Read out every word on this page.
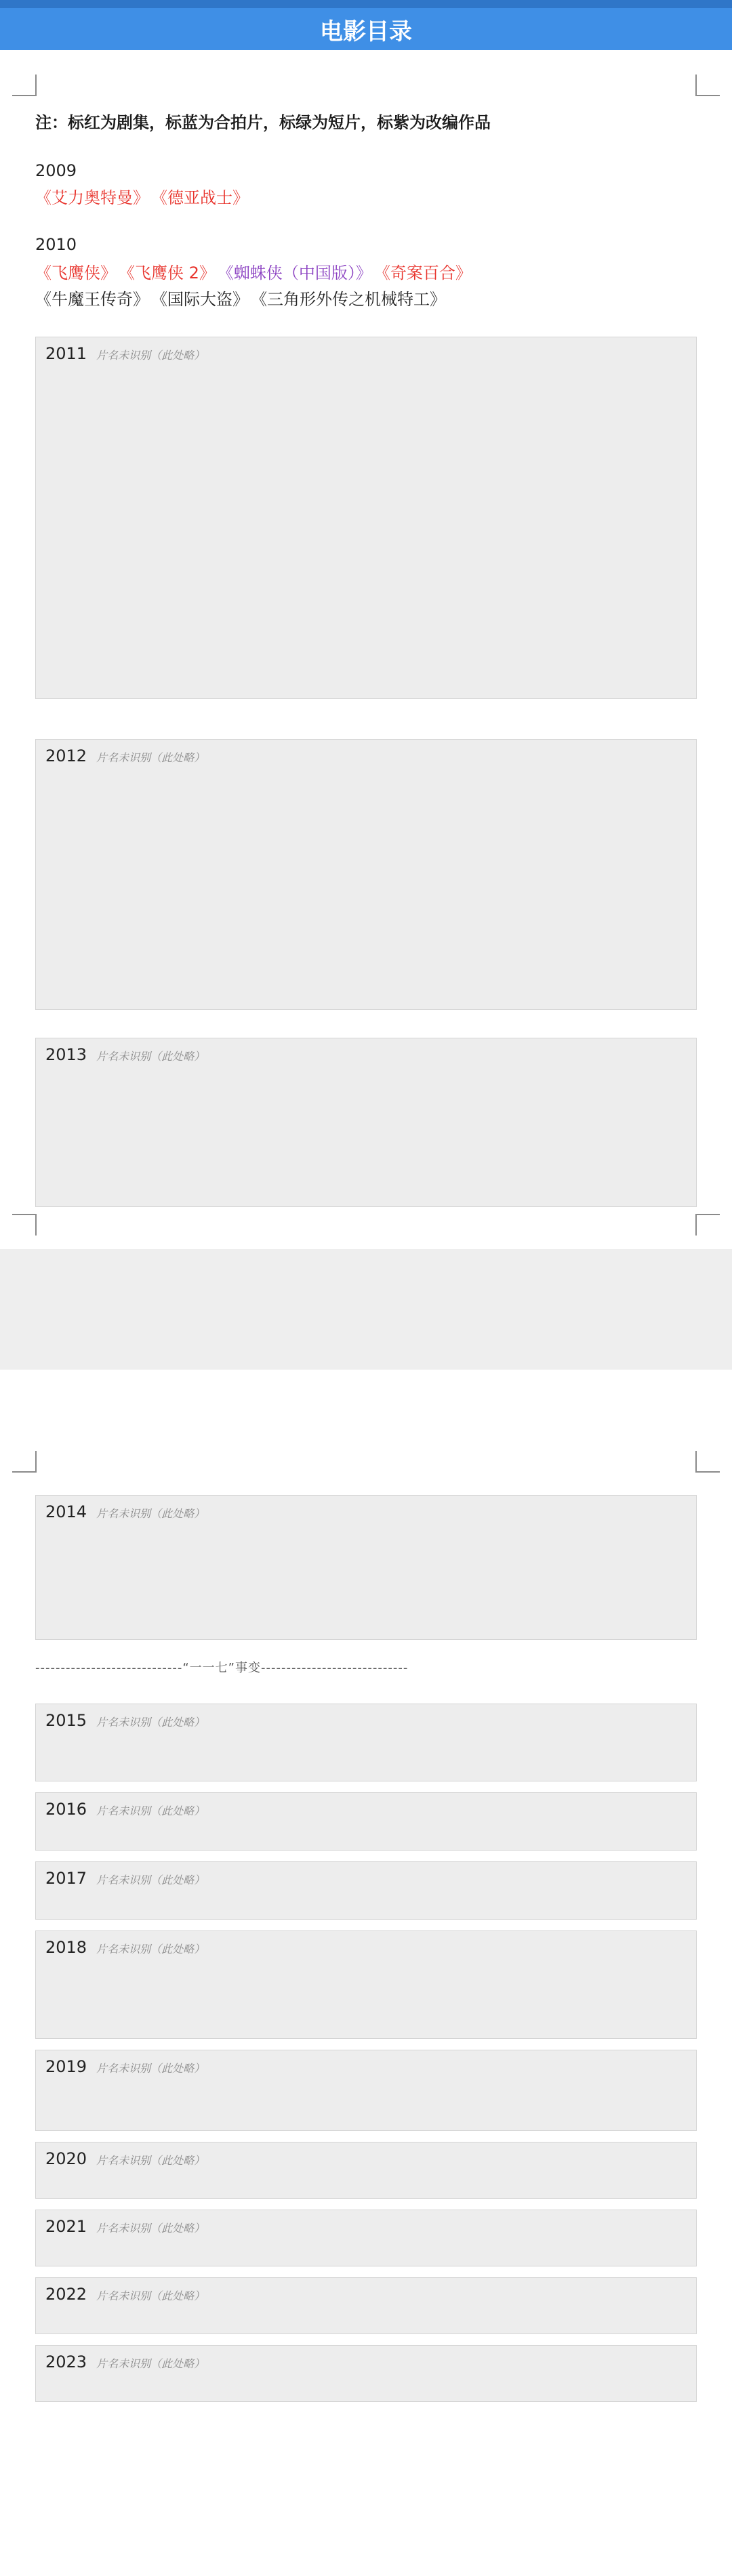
电影目录
注：标红为剧集，标蓝为合拍片，标绿为短片，标紫为改编作品
2009
《艾力奥特曼》 《德亚战士》
2010
《飞鹰侠》 《飞鹰侠 2》 《蜘蛛侠（中国版）》 《奇案百合》
《牛魔王传奇》 《国际大盗》 《三角形外传之机械特工》
2011 片名未识别（此处略）
2012 片名未识别（此处略）
2013 片名未识别（此处略）
2014 片名未识别（此处略）
-----------------------------“一一七”事变-----------------------------
2015 片名未识别（此处略）
2016 片名未识别（此处略）
2017 片名未识别（此处略）
2018 片名未识别（此处略）
2019 片名未识别（此处略）
2020 片名未识别（此处略）
2021 片名未识别（此处略）
2022 片名未识别（此处略）
2023 片名未识别（此处略）
